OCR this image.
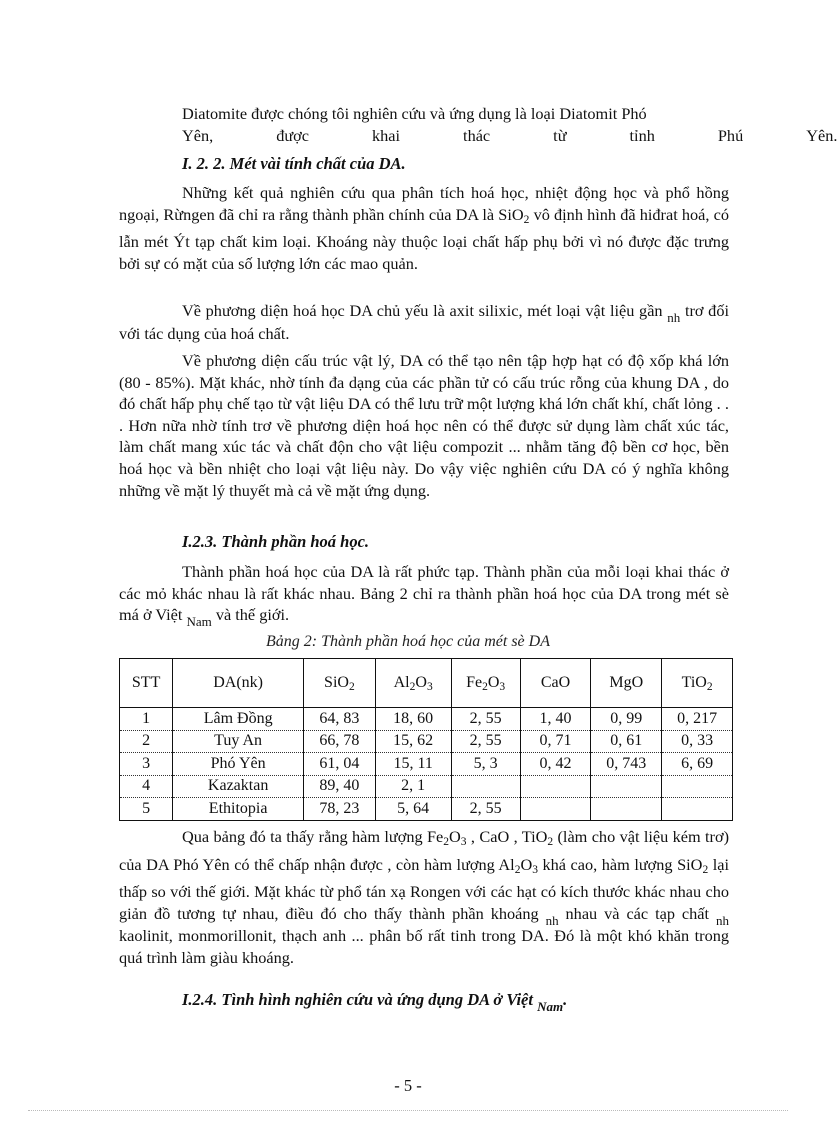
Diatomite được chóng tôi nghiên cứu và ứng dụng là loại Diatomit Phó
Yên,	được	khai	thác	từ	tỉnh	Phú	Yên.
I. 2. 2. Mét vài tính chất của DA.

Những kết quả nghiên cứu qua phân tích hoá học, nhiệt động học và phổ hồng ngoại, Rừngen đã chỉ ra rằng thành phần chính của DA là SiO$_2$ vô định hình đã hiđrat hoá, có lẫn mét Ýt tạp chất kim loại. Khoáng này thuộc loại chất hấp phụ bởi vì nó được đặc trưng bởi sự có mặt của số lượng lớn các mao quản.

Về phương diện hoá học DA chủ yếu là axit silixic, mét loại vật liệu gần $_{nh}$ trơ đối với tác dụng của hoá chất.

Về phương diện cấu trúc vật lý, DA có thể tạo nên tập hợp hạt có độ xốp khá lớn (80 - 85%). Mặt khác, nhờ tính đa dạng của các phần tử có cấu trúc rỗng của khung DA , do đó chất hấp phụ chế tạo từ vật liệu DA có thể lưu trữ một lượng khá lớn chất khí, chất lỏng . . . Hơn nữa nhờ tính trơ về phương diện hoá học nên có thể được sử dụng làm chất xúc tác, làm chất mang xúc tác và chất độn cho vật liệu compozit ... nhằm tăng độ bền cơ học, bền hoá học và bền nhiệt cho loại vật liệu này. Do vậy việc nghiên cứu DA có ý nghĩa không những về mặt lý thuyết mà cả về mặt ứng dụng.

I.2.3. Thành phần hoá học.

Thành phần hoá học của DA là rất phức tạp. Thành phần của mỗi loại khai thác ở các mỏ khác nhau là rất khác nhau. Bảng 2 chỉ ra thành phần hoá học của DA trong mét sè má ở Việt $_{Nam}$ và thế giới.

Bảng 2: Thành phần hoá học của mét sè DA
STT	DA(nk)	SiO$_2$	$Al_2O_3$	$Fe_2O_3$	CaO	MgO	TiO$_2$
1	Lâm Đồng	64, 83	18, 60	2, 55	1, 40	0, 99	0, 217
2	Tuy An	66, 78	15, 62	2, 55	0, 71	0, 61	0, 33
3	Phó Yên	61, 04	15, 11	5, 3	0, 42	0, 743	6, 69
4	Kazaktan	89, 40	2, 1				
5	Ethitopia	78, 23	5, 64	2, 55			

Qua bảng đó ta thấy rằng hàm lượng $Fe_2O_3$ , CaO , TiO$_2$ (làm cho vật liệu kém trơ) của DA Phó Yên có thể chấp nhận được , còn hàm lượng $Al_2O_3$ khá cao, hàm lượng SiO$_2$ lại thấp so với thế giới. Mặt khác từ phổ tán xạ Rongen với các hạt có kích thước khác nhau cho giản đồ tương tự nhau, điều đó cho thấy thành phần khoáng $_{nh}$ nhau và các tạp chất $_{nh}$ kaolinit, monmorillonit, thạch anh ... phân bố rất tinh trong DA. Đó là một khó khăn trong quá trình làm giàu khoáng.

I.2.4. Tình hình nghiên cứu và ứng dụng DA ở Việt $_{Nam}$.
- 5 -
